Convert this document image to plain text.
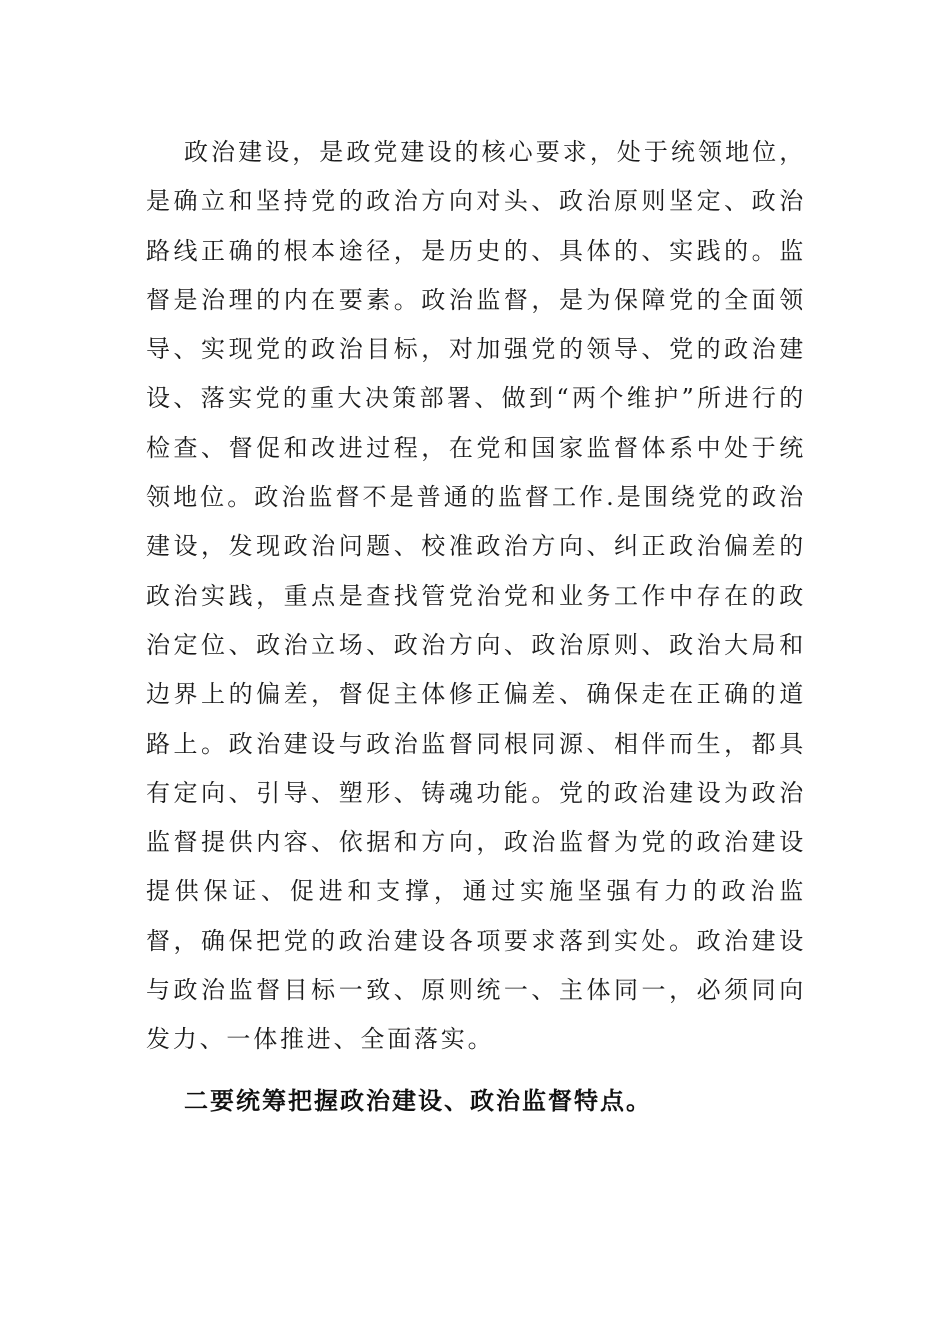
政治建设，是政党建设的核心要求，处于统领地位，是确立和坚持党的政治方向对头、政治原则坚定、政治路线正确的根本途径，是历史的、具体的、实践的。监督是治理的内在要素。政治监督，是为保障党的全面领导、实现党的政治目标，对加强党的领导、党的政治建设、落实党的重大决策部署、做到“两个维护”所进行的检查、督促和改进过程，在党和国家监督体系中处于统领地位。政治监督不是普通的监督工作.是围绕党的政治建设，发现政治问题、校准政治方向、纠正政治偏差的政治实践，重点是查找管党治党和业务工作中存在的政治定位、政治立场、政治方向、政治原则、政治大局和边界上的偏差，督促主体修正偏差、确保走在正确的道路上。政治建设与政治监督同根同源、相伴而生，都具有定向、引导、塑形、铸魂功能。党的政治建设为政治监督提供内容、依据和方向，政治监督为党的政治建设提供保证、促进和支撑，通过实施坚强有力的政治监督，确保把党的政治建设各项要求落到实处。政治建设与政治监督目标一致、原则统一、主体同一，必须同向发力、一体推进、全面落实。

二要统筹把握政治建设、政治监督特点。
